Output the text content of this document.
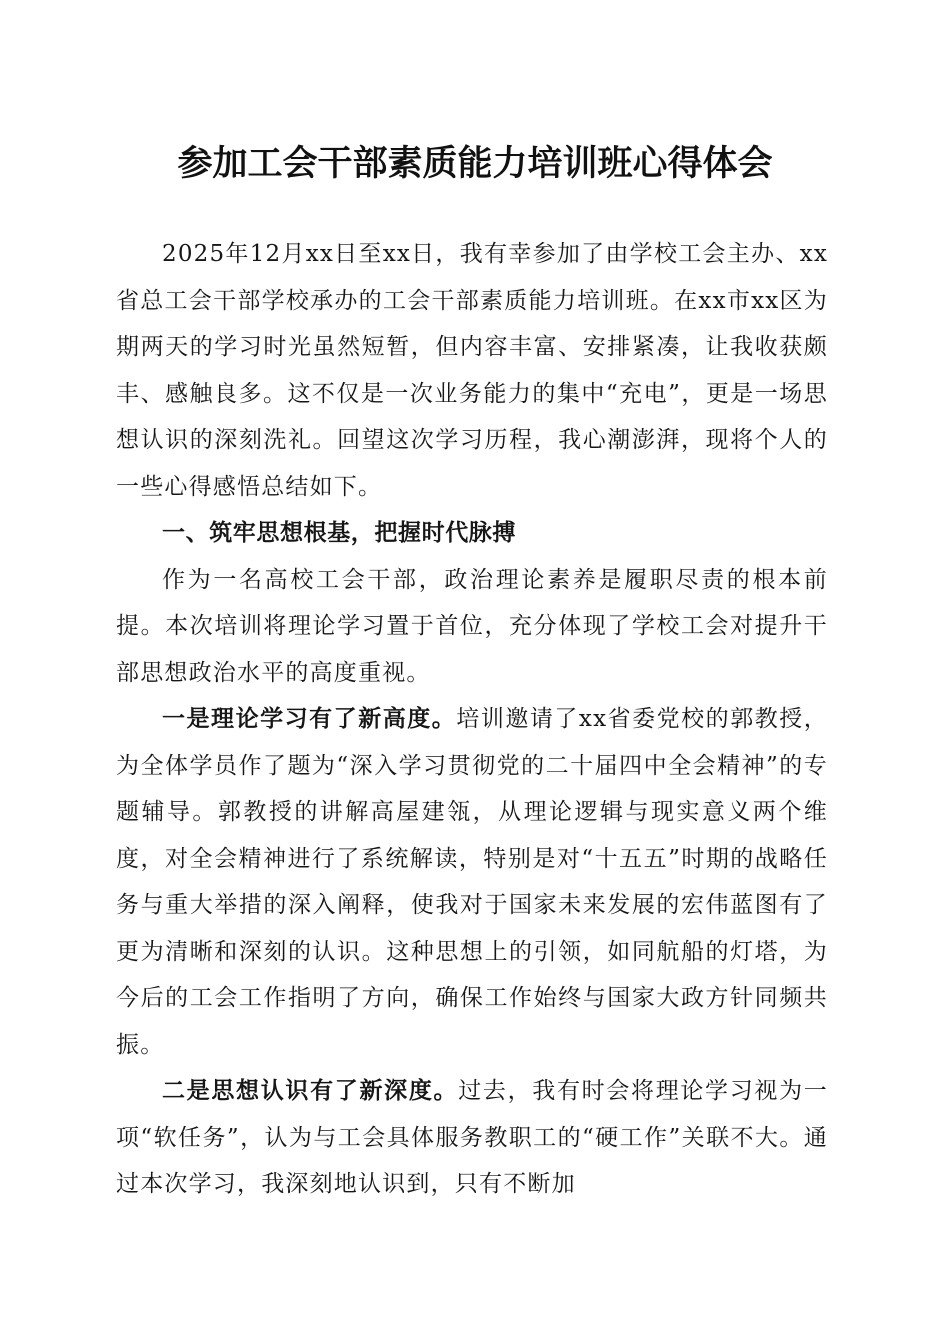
参加工会干部素质能力培训班心得体会

2025年12月xx日至xx日，我有幸参加了由学校工会主办、xx省总工会干部学校承办的工会干部素质能力培训班。在xx市xx区为期两天的学习时光虽然短暂，但内容丰富、安排紧凑，让我收获颇丰、感触良多。这不仅是一次业务能力的集中“充电”，更是一场思想认识的深刻洗礼。回望这次学习历程，我心潮澎湃，现将个人的一些心得感悟总结如下。

一、筑牢思想根基，把握时代脉搏

作为一名高校工会干部，政治理论素养是履职尽责的根本前提。本次培训将理论学习置于首位，充分体现了学校工会对提升干部思想政治水平的高度重视。

一是理论学习有了新高度。培训邀请了xx省委党校的郭教授，为全体学员作了题为“深入学习贯彻党的二十届四中全会精神”的专题辅导。郭教授的讲解高屋建瓴，从理论逻辑与现实意义两个维度，对全会精神进行了系统解读，特别是对“十五五”时期的战略任务与重大举措的深入阐释，使我对于国家未来发展的宏伟蓝图有了更为清晰和深刻的认识。这种思想上的引领，如同航船的灯塔，为今后的工会工作指明了方向，确保工作始终与国家大政方针同频共振。

二是思想认识有了新深度。过去，我有时会将理论学习视为一项“软任务”，认为与工会具体服务教职工的“硬工作”关联不大。通过本次学习，我深刻地认识到，只有不断加
